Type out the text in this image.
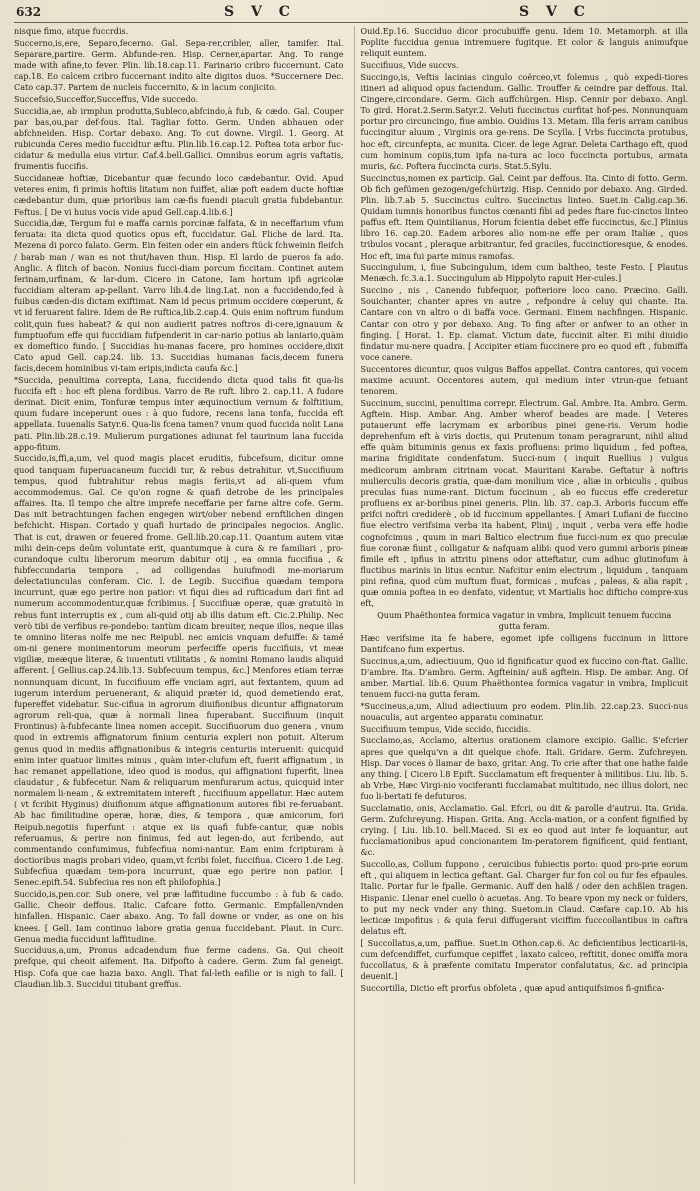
632	S V C	S V C

nisque fimo, atque fuccrdis.

Succerno,is,ere, Separo,fecerno. Gal. Sepa-rer,cribler, aller, tamifer. Ital. Separare,partire. Germ. Abfunde-ren. Hisp. Cerner,apartar. Ang. To range made with afine,to fever. Plin. lib.18.cap.11. Farinario cribro fuccernunt. Cato cap.18. Eo calcem cribro fuccernant indito alte digitos duos. *Succernere Dec. Cato cap.37. Partem de nucleis fuccernito, & in lacum conjicito.

Succefsio,Succeffor,Succeffus, Vide succedo.

Succidia,ae, ab irmplun produtta,Subleco,abfcindo,à fub, & cædo. Gal. Couper par bas,ou,par def-fous. Ital. Tagliar fotto. Germ. Unden abhauen oder abfchneiden. Hisp. Cortar debaxo. Ang. To cut downe. Virgil. 1. Georg. At rubicunda Ceres medio fuccidtur æftu. Plin.lib.16.cap.12. Poftea tota arbor fuc-cidatur & medulla eius virtur. Caf.4.bell.Gallici. Omnibus eorum agris vaftatis, frumentis fuccifis.

Succidaneæ hoftiæ, Dicebantur quæ fecundo loco cædebantur. Ovid. Apud veteres enim, fi primis hoftiis litatum non fuiffet, aliæ poft eadem ducte hoftiæ cædebantur dum, quæ prioribus iam cæ-fis fuendi piaculi gratia fubdebantur. Feftus. [ De vi huius vocis vide apud Gell.cap.4.lib.6.]

Succidia,dæ, Tergum fui e maffa carnis porcinæ falfata, & in neceffarium vfum feruata: ita dicta quod quotics opus eft, fuccidatur. Gal. Fliche de lard. Ita. Mezena di porco falato. Germ. Ein feiten oder ein anders ftück fchweinin fleifch / barab man / wan es not thut/haven thun. Hisp. El lardo de pueros fa ado. Anglic. A flitch of bacon. Nonius fucci-diam porcum ficcitam. Continet autem ferinam,urfinam, & lar-dum. Cicero in Catone, Iam hortum ipfi agricolæ fuccidiam alteram ap-pellant. Varro lib.4.de ling.Lat. non a fuccidendo,fed à fuibus cæden-dis dictam exiftimat. Nam id pecus primum occidere cœperunt, & vt id feruarent falire. Idem de Re ruftica,lib.2.cap.4. Quis enim noftrum fundum colit,quin fues habeat? & qui non audierit patres noftros di-cere,ignauum & fumptuofum effe qui fuccidiam fufpenderit in car-nario potius ab laniario,quàm ex domeftico fundo. [ Succidias hu-manas facere, pro homines occidere,dixit Cato apud Gell. cap.24. lib. 13. Succidias humanas facis,decem funera facis,decem hominibus vi-tam eripis,indicta caufa &c.]

*Succida, penultima correpta, Lana, fuccidendo dicta quod talis fit qua-lis fuccifa eft : hoc eft plena fordibus. Varro de Re ruft. libro 2. cap.11. A fudore derinat. Dicit enim, Tonfuræ tempus inter æquinoctium vernum & folftitium, quum fudare inceperunt oues : à quo fudore, recens lana tonfa, fuccida eft appellata. Iuuenalis Satyr.6. Qua-lis fcena tamen? vnum quod fuccida nolit Lana pati. Plin.lib.28.c.19. Mulierum purgationes adiunat fel taurinum lana fuccida appo-fitum.

Succido,is,ffi,a,um, vel quod magis placet eruditis, fubcefsum, dicitur omne quod tanquam fuperuacaneum fuccidi tur, & rebus detrahitur. vt,Succifiuum tempus, quod fubtrahitur rebus magis feriis,vt ad ali-quem vfum accommodemus. Gal. Ce qu'on rogne & quafi detrobe de les principales affaires. Ita. Il tempo che altre imprefe neceffarie per farne altre cofe. Germ. Das mit betrachtungen fachen engegen wirt/ober nebend ernftlichen dingen befchicht. Hispan. Cortado y quafi hurtado de principales negocios. Anglic. That is cut, drawen or feuered frome. Gell.lib.20.cap.11. Quantum autem vitæ mihi dein-ceps deûm voluntate erit, quantumque à cura & re familiari , pro-curandoque cultu liberorum meorum dabitur otij , ea omnia fuccifiua , & fubfeccundaria tempora , ad colligendas huiufmodi me-moriarum delectatiunculas conferam. Cic. l. de Legib. Succifiua quædam tempora incurrunt, quæ ego perire non patior: vt fiqui dies ad rufticadum dari fint ad numerum accommodentur,quæ fcribimus. [ Succifiuæ operæ, quæ gratuitò in rebus funt interruptis ex , cum ali-quid otij ab illis datum eft. Cic.2.Philip. Nec verò tibi de verfibus re-pondebo: tantùm dicam breuiter, neque illos, neque illas te omnino literas nolfe me nec Reipubl. nec amicis vnquam defuiffe: & tamé om-ni genere monimentorum meorum perfeciffe operis fuccifiuis, vt meæ vigiliæ, meæque literæ, & iuuentuti vtilitatis , & nomini Romano laudis aliquid afferent. [ Gellius.cap.24.lib.13. Subfecuum tempus, &c.] Menfores etiam terræ nonnunquam dicunt, In fuccifiuum effe vnciam agri, aut fextantem, quum ad iugerum interdum peruenerant, & aliquid præter id, quod demetiendo erat, fupereffet videbatur. Suc-cifiua in agrorum diuifionibus dicuntur affignatorum agrorum reli-qua, quæ à normali linea fuperabant. Succifiuum (inquit Frontinus) à-fubfecante linea nomen accepit. Succifiuorum duo genera , vnum quod in extremis affignatorum finium centuria expleri non potuit. Alterum genus quod in mediis affignationibus & integris centuriis interuenit: quicquid enim inter quatuor limites minus , quàm inter-clufum eft, fuerit affignatum , in hac remanet appellatione, ideo quod is modus, qui affignationi fuperfit, linea claudatur , & fubfecetur. Nam & reliquarum menfurarum actus, quicquid inter normalem li-neam , & extremitatem intereft , fuccifiuum appellatur. Hæc autem ( vt fcribit Hyginus) diuifionum atque affignationum autores fibi re-feruabant. Ab hac fimilitudine operæ, horæ, dies, & tempora , quæ amicorum, fori Reipub.negotiis fuperfunt : atque ex iis quafi fubfe-cantur, quæ nobis referuamus, & perire non finimus, fed aut legen-do, aut fcribendo, aut commentando confumimus, fubfecfiua nomi-nantur. Eam enim fcripturam à doctioribus magis probari video, quam,vt fcribi folet, fuccifiua. Cicero 1.de Leg. Subfecfiua quædam tem-pora incurrunt, quæ ego perire non patior. [ Senec.epift.54. Subfeciua res non eft philofophia.]

Succido,is,pen.cor. Sub onere, vel præ laffitudine fuccumbo : à fub & cado. Gallic. Cheoir deffous. Italic. Cafcare fotto. Germanic. Empfallen/vnden hinfallen. Hispanic. Caer abaxo. Ang. To fall downe or vnder, as one on his knees. [ Gell. Iam continuo labore gratia genua fuccidebant. Plaut. in Curc. Genua media fuccidunt laffitudine.

Succiduus,a,um, Pronus adcadendum fiue ferme cadens. Ga. Qui cheoit prefque, qui cheoit aifement. Ita. Difpofto à cadere. Germ. Zum fal geneigt. Hisp. Cofa que cae hazia baxo. Angli. That fal-leth eafilie or is nigh to fall. [ Claudian.lib.3. Succidui titubant greffus.

Ouid.Ep.16. Succiduo dicor procubuiffe genu. Idem 10. Metamorph. at illa Poplite fuccidua genua intremuere fugitque. Et color & languis animufque reliquit euntem.

Succifiuus, Vide succvs.

Succingo,is, Veftis lacinias cingulo coërceo,vt folemus , quò expedi-tiores itineri ad aliquod opus faciendum. Gallic. Trouffer & ceindre par deffous. Ital. Cingere,circondare. Germ. Gich auffchürgen. Hisp. Cennir por debaxo. Angl. To gird. Horat.2.Serm.Satyr.2. Veluti fuccinctus curfitat hof-pes. Nonnunquam portur pro circuncingo, fiue ambio. Ouidius 13. Metam. Illa feris arram canibus fuccingitur aluum , Virginis ora ge-rens. De Scylla. [ Vrbs fuccincta protubus, hoc eft, circunfepta, ac munita. Cicer. de lege Agrar. Deleta Carthago eft, quod cum hominum copiis,tum ipfa na-tura ac loco fuccincta portubus, armata muris, &c. Poftera fuccincta curis. Stat.5.Sylu.

Succinctus,nomen ex particip. Gal. Ceint par deffous. Ita. Cinto di fotto. Germ. Ob fich gefümen gezogen/gefchürtzig. Hisp. Cennido por debaxo. Ang. Girded. Plin. lib.7.ab 5. Succinctus cultro. Succinctus linteo. Suet.in Calig.cap.36. Quidam iumnis honoribus functos cœnanti fibi ad pedes ftare fuc-cinctos linteo paffus eft. Item Quintilianus, Horum fcientia debet effe fuccinctus, &c.] Plinius libro 16. cap.20. Eadem arbores alio nom-ne effe per oram Italiæ , quos tribulos vocant , pleraque arbitrantur, fed graciles, fuccinctioresque, & enodes. Hoc eft, ima fui parte minus ramofas.

Succingulum, i, fiue Subcingulum, idem cum baltheo, teste Festo. [ Plautus Menæch. fc.3.a.1. Succingulum ab Hippolyto rapuit Her-cules.]

Succino , nis , Canendo fubfequor, pofteriore loco cano. Præcino. Galli. Souichanter, chanter apres vn autre , refpondre à celuy qui chante. Ita. Cantare con vn altro o di baffa voce. Germani. Einem nachfingen. Hispanic. Cantar con otro y por debaxo. Ang. To fing after or anfwer to an other in finging. [ Horat. 1. Ep. clamat. Victum date, fuccinit alter. Ei mihi diuidio findatur mu-nere quadra. [ Accipiter etiam fuccinere pro eo quod eft , fubmiffa voce canere.

Succentores dicuntur, quos vulgus Baffos appellat. Contra cantores, qui vocem maxime acuunt. Occentores autem, qui medium inter vtrun-que fetuant tenorem.

Succinum, succini, penultima correpr. Electrum. Gal. Ambre. Ita. Ambro. Germ. Agftein. Hisp. Ambar. Ang. Amber wherof beades are made. [ Veteres putauerunt effe lacrymam ex arboribus pinei gene-ris. Verum hodie deprehenfum eft à viris doctis, qui Prutenum tonam peragrarunt, nihil aliud effe quàm bituminis genus ex faxis profluens: primo liquidum , fed poftea, marina frigiditate condenfatum. Succi-num ( inquit Ruellius ) vulgus medicorum ambram citrinam vocat. Mauritani Karabe. Geftatur à noftris mulierculis decoris gratia, quæ-dam monilium vice , aliæ in orbiculis , quibus preculas fuas nume-rant. Dictum fuccinum , ab eo fuccus effe crederetur profluens ex ar-boribus pinei generis. Plin. lib. 37. cap.3. Arboris fuccum effe prifci noftri crediderè , ob id fuccinum appellantes. [ Amari Lufiani de fuccino fiue electro verifsima verba ita habent, Plinij , inquit , verba vera effe hodie cognofcimus , quum in mari Baltico electrum fiue fucci-num ex quo preculæ fiue coronæ fiunt , colligatur & nafquam alibi: quod vero gummi arboris pineæ fimile eft , ipfius in attritu pinens odor atteftatur, cum adhuc glutinofum à fluctibus marinis in litus ecntur. Nafcitur enim electrum , liquidum , tanquam pini refina, quod cùm muftum fluat, formicas , mufcas , paleas, & alia rapit , quæ omnia poftea in eo denfato, videntur, vt Martialis hoc difticho compre-xus eft,

Quum Phaëthontea formica vagatur in vmbra, Implicuit tenuem fuccina gutta feram.

Hæc verifsime ita fe habere, egomet ipfe colligens fuccinum in littore Dantifcano fum expertus.

Succinus,a,um, adiectiuum, Quo id fignificatur quod ex fuccino con-ftat. Gallic. D'ambre. Ita. D'ambro. Germ. Agfteinin/ auß agftein. Hisp. De ambar. Ang. Of amber. Martial. lib.6. Quum Phaëthontea formica vagatur in vmbra, Implicuit tenuem fucci-na gutta feram.

*Succineus,a,um, Aliud adiectiuum pro eodem. Plin.lib. 22.cap.23. Succi-nus nouaculis, aut argenteo apparatu cominatur.

Succifiuum tempus, Vide sccido, fuccidis.

Succlamo,as, Acclamo, alterius orationem clamore excipio. Gallic. S'efcrier apres que quelqu'vn a dit quelque chofe. Itali. Gridare. Germ. Zufchreyen. Hisp. Dar voces ò llamar de baxo, gritar. Ang. To crie after that one hathe faide any thing. [ Cicero l.8 Epift. Succlamatum eft frequenter à militibus. Liu. lib. 5. ab Vrbe, Hæc Virgi-nio vociferanti fucclamabat multitudo, nec illius dolori, nec fuo li-bertati fe defuturos.

Succlamatio, onis, Acclamatio. Gal. Efcri, ou dit & parolle d'autrui. Ita. Grida. Germ. Zufchreyung. Hispan. Grita. Ang. Accla-mation, or a confent fignified by crying. [ Liu. lib.10. bell.Maced. Si ex eo quod aut inter fe loquantur, aut fucclamationibus apud concionantem Im-peratorem fignificent, quid fentiant, &c.

Succollo,as, Collum fuppono , ceruicibus fubiectis porto: quod pro-prie eorum eft , qui aliquem in lectica geftant. Gal. Charger fur fon col ou fur fes efpaules. Italic. Portar fur le fpalle. Germanic. Auff den halß / oder den achßlen tragen. Hispanic. Llenar enel cuello ò acuetas. Ang. To beare vpon my neck or fulders, to put my neck vnder any thing. Suetom.in Claud. Cæfare cap.10. Ab his lecticæ impofitus : & quia ferui diffugerant viciffim fucccollantibus in caftra delatus eft.

[ Succollatus,a,um, paffiue. Suet.in Othon.cap.6. Ac deficientibus lecticarii-is, cum defcendiffet, curfumque cepiffet , laxato calceo, reftitit, donec omiffa mora fuccollatus, & à præfente comitatu Imperator confalutatus, &c. ad principia deuenit.]

Succortilla, Dictio eft prorfus obfoleta , quæ apud antiquifsimos fi-gnifica-
